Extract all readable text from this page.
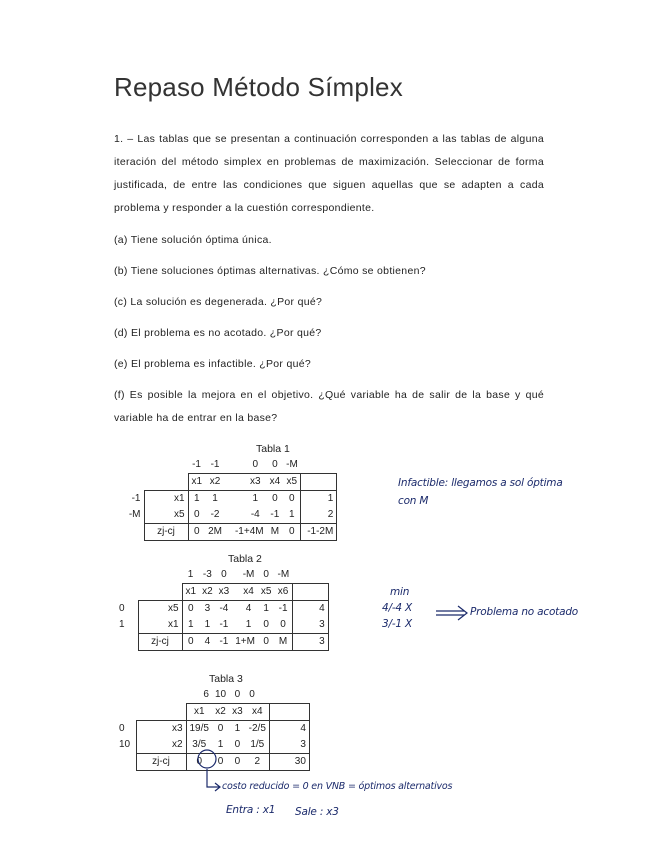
Repaso Método Símplex

1. – Las tablas que se presentan a continuación corresponden a las tablas de alguna iteración del método simplex en problemas de maximización. Seleccionar de forma justificada, de entre las condiciones que siguen aquellas que se adapten a cada problema y responder a la cuestión correspondiente.

(a) Tiene solución óptima única.

(b) Tiene soluciones óptimas alternativas. ¿Cómo se obtienen?

(c) La solución es degenerada. ¿Por qué?

(d) El problema es no acotado. ¿Por qué?

(e) El problema es infactible. ¿Por qué?

(f) Es posible la mejora en el objetivo. ¿Qué variable ha de salir de la base y qué variable ha de entrar en la base?

Tabla 1
		-1	-1	0	0	-M	
		x1	x2	x3	x4	x5	
-1	x1	1	1	1	0	0	1
-M	x5	0	-2	-4	-1	1	2
	zj-cj	0	2M	-1+4M	M	0	-1-2M
Tabla 2
		1	-3	0	-M	0	-M	
		x1	x2	x3	x4	x5	x6	
0	x5	0	3	-4	4	1	-1	4
1	x1	1	1	-1	1	0	0	3
	zj-cj	0	4	-1	1+M	0	M	3
Tabla 3
		6	10	0	0	
		x1	x2	x3	x4	
0	x3	19/5	0	1	-2/5	4
10	x2	3/5	1	0	1/5	3
	zj-cj	0	0	0	2	30
Infactible: llegamos a sol óptima
con M
min
4/-4 X
3/-1 X
Problema no acotado
costo reducido = 0 en VNB = óptimos alternativos
Entra : x1 Sale : x3
